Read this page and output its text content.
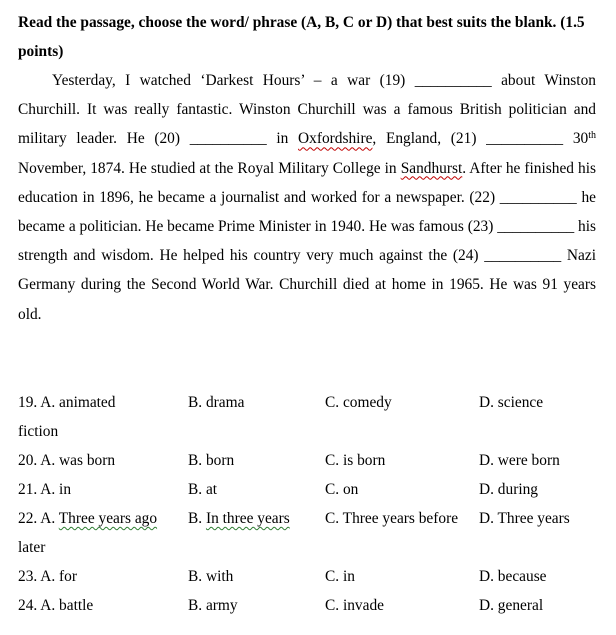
Read the passage, choose the word/ phrase (A, B, C or D) that best suits the blank. (1.5 points)

Yesterday, I watched ‘Darkest Hours’ – a war (19) __________ about Winston Churchill. It was really fantastic. Winston Churchill was a famous British politician and military leader. He (20) __________ in Oxfordshire, England, (21) __________ 30th November, 1874. He studied at the Royal Military College in Sandhurst. After he finished his education in 1896, he became a journalist and worked for a newspaper. (22) __________ he became a politician. He became Prime Minister in 1940. He was famous (23) __________ his strength and wisdom. He helped his country very much against the (24) __________ Nazi Germany during the Second World War. Churchill died at home in 1965. He was 91 years old.

19. A. animated	B. drama	C. comedy	D. science
fiction
20. A. was born	B. born	C. is born	D. were born
21. A. in	B. at	C. on	D. during
22. A. Three years ago B. In three years C. Three years before D. Three years
later
23. A. for	B. with	C. in	D. because
24. A. battle	B. army	C. invade	D. general
